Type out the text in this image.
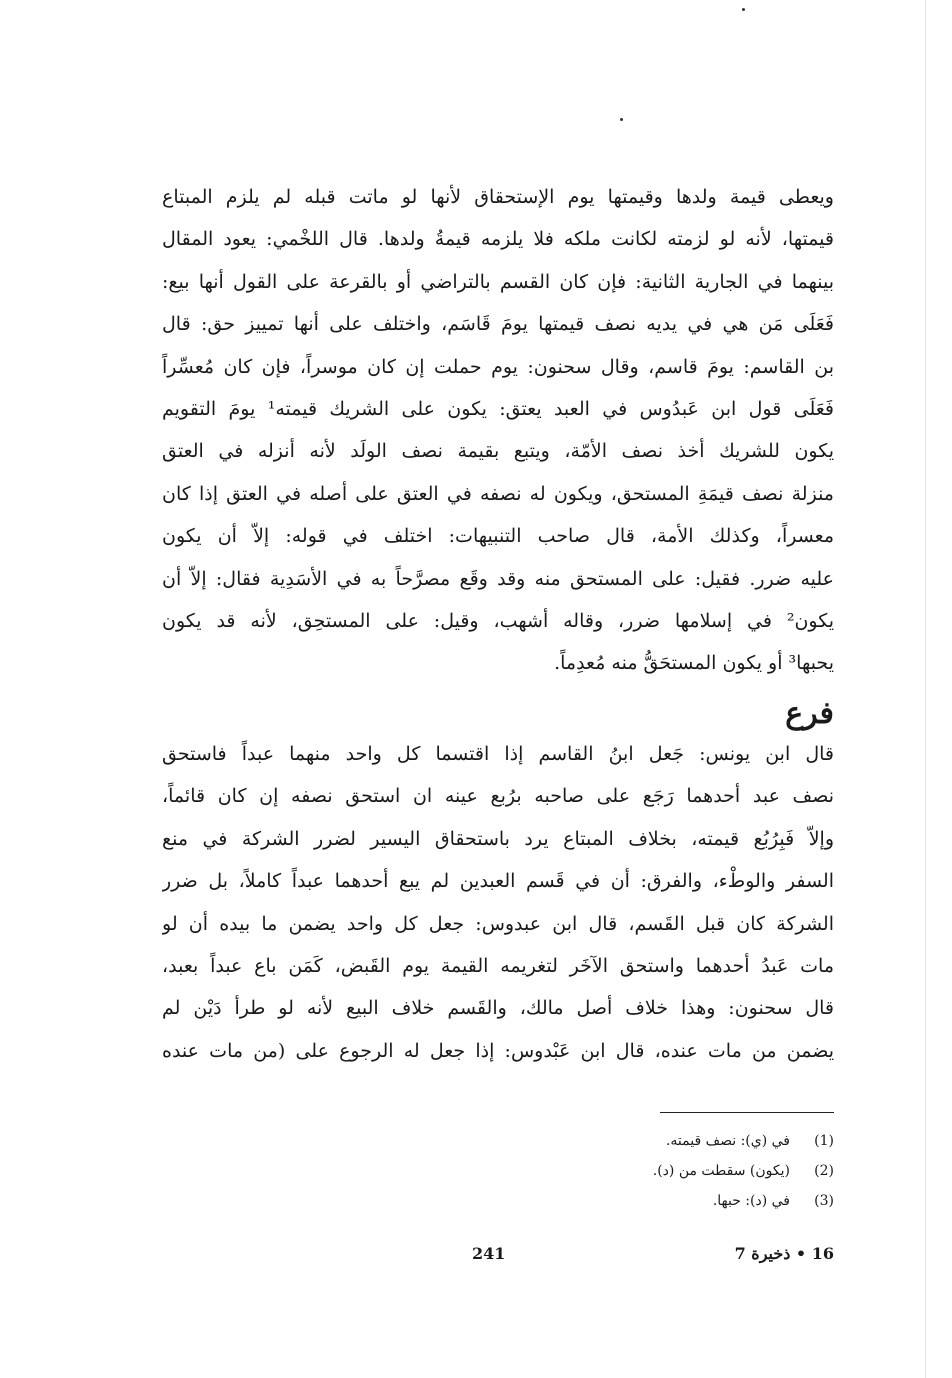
ويعطى قيمة ولدها وقيمتها يوم الإستحقاق لأنها لو ماتت قبله لم يلزم المبتاع
قيمتها، لأنه لو لزمته لكانت ملكه فلا يلزمه قيمةُ ولدها. قال اللخْمي: يعود المقال
بينهما في الجارية الثانية: فإن كان القسم بالتراضي أو بالقرعة على القول أنها بيع:
فَعَلَى مَن هي في يديه نصف قيمتها يومَ قَاسَم، واختلف على أنها تمييز حق: قال
بن القاسم: يومَ قاسم، وقال سحنون: يوم حملت إن كان موسراً، فإن كان مُعسِّراً
فَعَلَى قول ابن عَبدُوس في العبد يعتق: يكون على الشريك قيمته¹ يومَ التقويم
يكون للشريك أخذ نصف الأمّة، ويتبع بقيمة نصف الولَد لأنه أنزله في العتق
منزلة نصف قيمَةِ المستحق، ويكون له نصفه في العتق على أصله في العتق إذا كان
معسراً، وكذلك الأمة، قال صاحب التنبيهات: اختلف في قوله: إلاّ أن يكون
عليه ضرر. فقيل: على المستحق منه وقد وقَع مصرَّحاً به في الأسَدِية فقال: إلاّ أن
يكون² في إسلامها ضرر، وقاله أشهب، وقيل: على المستحِق، لأنه قد يكون
يحبها³ أو يكون المستحَقُّ منه مُعدِماً.
فرع
قال ابن يونس: جَعل ابنُ القاسم إذا اقتسما كل واحد منهما عبداً فاستحق
نصف عبد أحدهما رَجَع على صاحبه برُبع عينه ان استحق نصفه إن كان قائماً،
وإلاّ فَبِرُبُع قيمته، بخلاف المبتاع يرد باستحقاق اليسير لضرر الشركة في منع
السفر والوطْء، والفرق: أن في قَسم العبدين لم يبع أحدهما عبداً كاملاً، بل ضرر
الشركة كان قبل القَسم، قال ابن عبدوس: جعل كل واحد يضمن ما بيده أن لو
مات عَبدُ أحدهما واستحق الآخَر لتغريمه القيمة يوم القَبض، كَمَن باع عبداً بعبد،
قال سحنون: وهذا خلاف أصل مالك، والقَسم خلاف البيع لأنه لو طرأ دَيْن لم
يضمن من مات عنده، قال ابن عَبْدوس: إذا جعل له الرجوع على (من مات عنده
(1)
في (ي): نصف قيمته.
(2)
(يكون) سقطت من (د).
(3)
في (د): حبها.
16 • ذخيرة 7
241
